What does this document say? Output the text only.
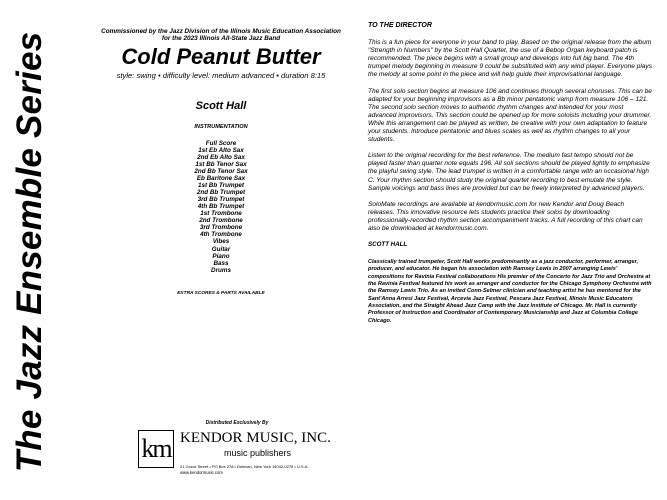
The Jazz Ensemble Series
Commissioned by the Jazz Division of the Illinois Music Education Association
for the 2023 Illinois All-State Jazz Band
Cold Peanut Butter
style: swing • difficulty level: medium advanced • duration 8:15
Scott Hall
INSTRUMENTATION
Full Score
1st Eb Alto Sax
2nd Eb Alto Sax
1st Bb Tenor Sax
2nd Bb Tenor Sax
Eb Baritone Sax
1st Bb Trumpet
2nd Bb Trumpet
3rd Bb Trumpet
4th Bb Trumpet
1st Trombone
2nd Trombone
3rd Trombone
4th Trombone
Vibes
Guitar
Piano
Bass
Drums
EXTRA SCORES & PARTS AVAILABLE
Distributed Exclusively By
km KENDOR MUSIC, INC.
music publishers
21 Grove Street • PO Box 278 • Delevan, New York 14042-0278 • U.S.A.
www.kendormusic.com
TO THE DIRECTOR

This is a fun piece for everyone in your band to play. Based on the original release from the album "Strength in Numbers" by the Scott Hall Quartet, the use of a Bebop Organ keyboard patch is recommended. The piece begins with a small group and develops into full big band. The 4th trumpet melody beginning in measure 9 could be substituted with any wind player. Everyone plays the melody at some point in the piece and will help guide their improvisational language.

The first solo section begins at measure 106 and continues through several choruses. This can be adapted for your beginning improvisors as a Bb minor pentatonic vamp from measure 106 – 121. The second solo section moves to authentic rhythm changes and intended for your most advanced improvisors. This section could be opened up for more soloists including your drummer. While this arrangement can be played as written, be creative with your own adaptation to feature your students. Introduce pentatonic and blues scales as well as rhythm changes to all your students.

Listen to the original recording for the best reference. The medium fast tempo should not be played faster than quarter note equals 196. All soli sections should be played lightly to emphasize the playful swing style. The lead trumpet is written in a comfortable range with an occasional high C. Your rhythm section should study the original quartet recording to best emulate the style. Sample voicings and bass lines are provided but can be freely interpreted by advanced players.

SoloMate recordings are available at kendormusic.com for new Kendor and Doug Beach releases. This innovative resource lets students practice their solos by downloading professionally-recorded rhythm section accompaniment tracks. A full recording of this chart can also be downloaded at kendormusic.com.

SCOTT HALL

Classically trained trumpeter, Scott Hall works predominantly as a jazz conductor, performer, arranger, producer, and educator. He began his association with Ramsey Lewis in 2007 arranging Lewis' compositions for Ravinia Festival collaborations His premier of the Concerto for Jazz Trio and Orchestra at the Ravinia Festival featured his work as arranger and conductor for the Chicago Symphony Orchestra with the Ramsey Lewis Trio. As an invited Conn-Selmer clinician and teaching artist he has mentored for the Sant'Anna Arresi Jazz Festival, Arcevia Jazz Festival, Pescara Jazz Festival, Illinois Music Educators Association, and the Straight Ahead Jazz Camp with the Jazz Institute of Chicago. Mr. Hall is currently Professor of Instruction and Coordinator of Contemporary Musicianship and Jazz at Columbia College Chicago.
